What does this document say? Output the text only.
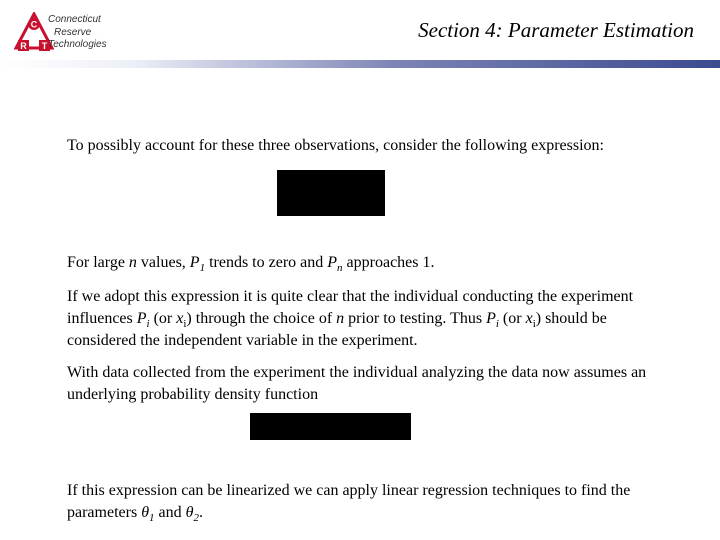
C
R T
Connecticut
Reserve
Technologies
Section 4: Parameter Estimation

To possibly account for these three observations, consider the following expression:

For large n values, $P_1$ trends to zero and $P_n$ approaches 1.

If we adopt this expression it is quite clear that the individual conducting the experiment influences $P_i$ (or $x_i$) through the choice of n prior to testing. Thus $P_i$ (or $x_i$) should be considered the independent variable in the experiment.

With data collected from the experiment the individual analyzing the data now assumes an underlying probability density function

If this expression can be linearized we can apply linear regression techniques to find the parameters $\theta_1$ and $\theta_2$.
